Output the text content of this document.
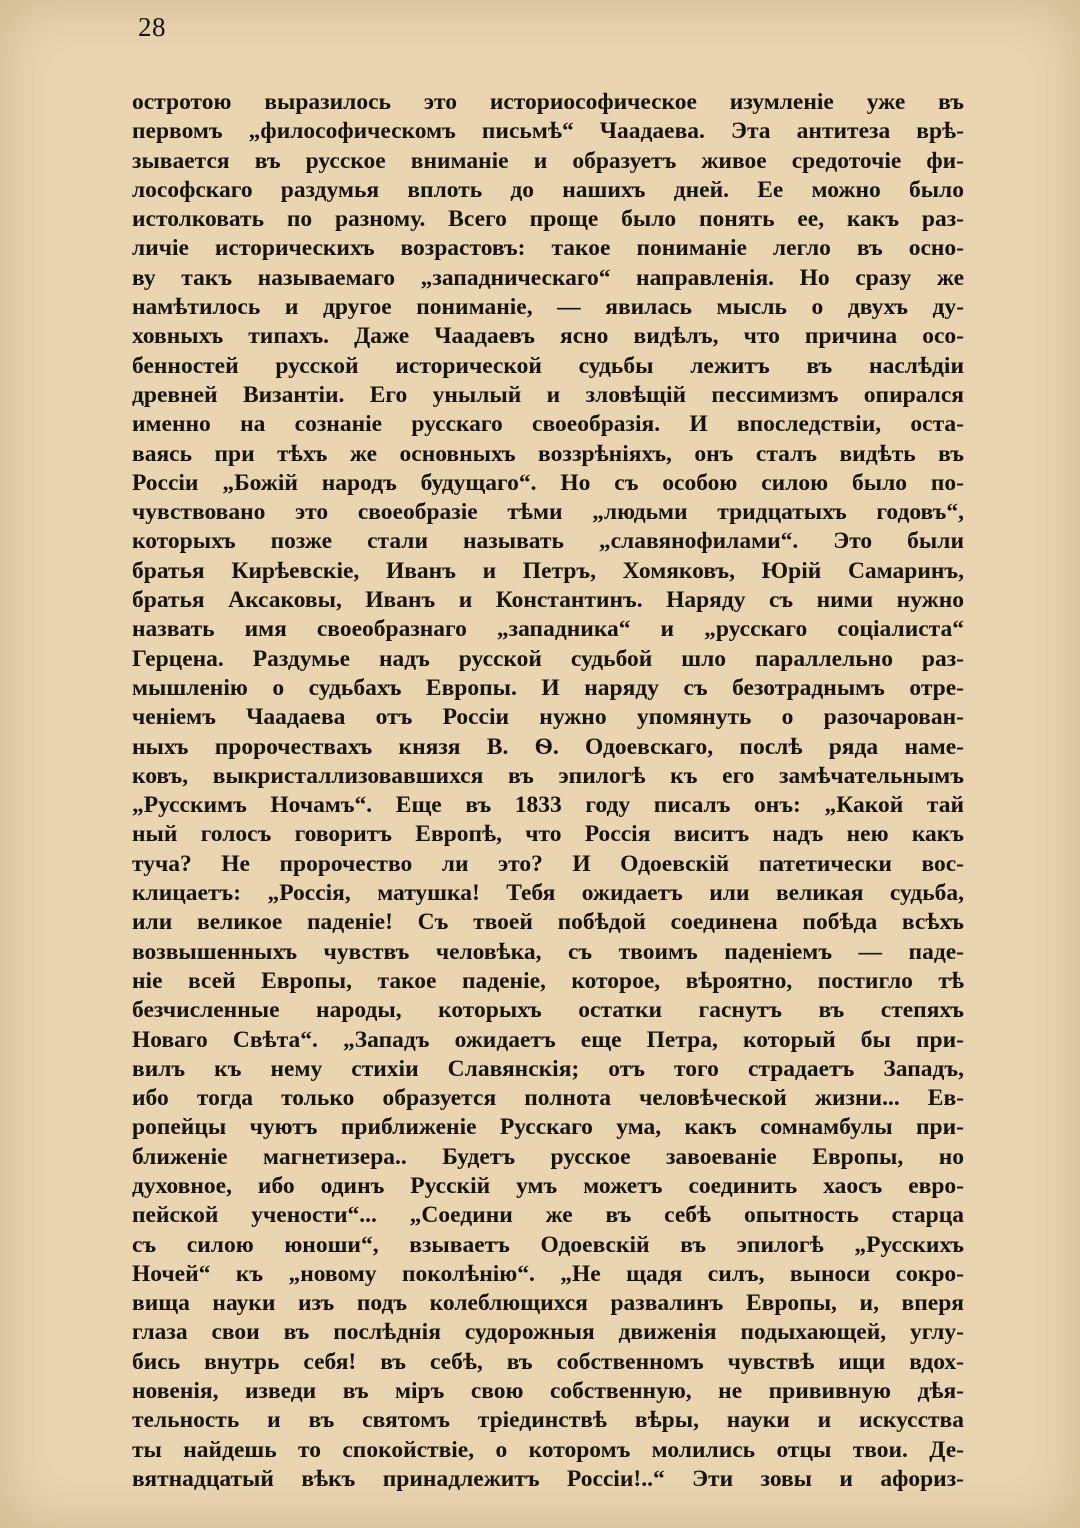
28
остротою выразилось это историософическое изумленіе уже въ
первомъ „философическомъ письмѣ“ Чаадаева. Эта антитеза врѣ-
зывается въ русское вниманіе и образуетъ живое средоточіе фи-
лософскаго раздумья вплоть до нашихъ дней. Ее можно было
истолковать по разному. Всего проще было понять ее, какъ раз-
личіе историческихъ возрастовъ: такое пониманіе легло въ осно-
ву такъ называемаго „западническаго“ направленія. Но сразу же
намѣтилось и другое пониманіе, — явилась мысль о двухъ ду-
ховныхъ типахъ. Даже Чаадаевъ ясно видѣлъ, что причина осо-
бенностей русской исторической судьбы лежитъ въ наслѣдіи
древней Византіи. Его унылый и зловѣщій пессимизмъ опирался
именно на сознаніе русскаго своеобразія. И впоследствіи, оста-
ваясь при тѣхъ же основныхъ воззрѣніяхъ, онъ сталъ видѣть въ
Россіи „Божій народъ будущаго“. Но съ особою силою было по-
чувствовано это своеобразіе тѣми „людьми тридцатыхъ годовъ“,
которыхъ позже стали называть „славянофилами“. Это были
братья Кирѣевскіе, Иванъ и Петръ, Хомяковъ, Юрій Самаринъ,
братья Аксаковы, Иванъ и Константинъ. Наряду съ ними нужно
назвать имя своеобразнаго „западника“ и „русскаго соціалиста“
Герцена. Раздумье надъ русской судьбой шло параллельно раз-
мышленію о судьбахъ Европы. И наряду съ безотраднымъ отре-
ченіемъ Чаадаева отъ Россіи нужно упомянуть о разочарован-
ныхъ пророчествахъ князя В. Ѳ. Одоевскаго, послѣ ряда наме-
ковъ, выкристаллизовавшихся въ эпилогѣ къ его замѣчательнымъ
„Русскимъ Ночамъ“. Еще въ 1833 году писалъ онъ: „Какой тай
ный голосъ говоритъ Европѣ, что Россія виситъ надъ нею какъ
туча? Не пророчество ли это? И Одоевскій патетически вос-
клицаетъ: „Россія, матушка! Тебя ожидаетъ или великая судьба,
или великое паденіе! Съ твоей побѣдой соединена побѣда всѣхъ
возвышенныхъ чувствъ человѣка, съ твоимъ паденіемъ — паде-
ніе всей Европы, такое паденіе, которое, вѣроятно, постигло тѣ
безчисленные народы, которыхъ остатки гаснутъ въ степяхъ
Новаго Свѣта“. „Западъ ожидаетъ еще Петра, который бы при-
вилъ къ нему стихіи Славянскія; отъ того страдаетъ Западъ,
ибо тогда только образуется полнота человѣческой жизни... Ев-
ропейцы чуютъ приближеніе Русскаго ума, какъ сомнамбулы при-
ближеніе магнетизера.. Будетъ русское завоеваніе Европы, но
духовное, ибо одинъ Русскій умъ можетъ соединить хаосъ евро-
пейской учености“... „Соедини же въ себѣ опытность старца
съ силою юноши“, взываетъ Одоевскій въ эпилогѣ „Русскихъ
Ночей“ къ „новому поколѣнію“. „Не щадя силъ, выноси сокро-
вища науки изъ подъ колеблющихся развалинъ Европы, и, вперя
глаза свои въ послѣднія судорожныя движенія подыхающей, углу-
бись внутрь себя! въ себѣ, въ собственномъ чувствѣ ищи вдох-
новенія, изведи въ міръ свою собственную, не прививную дѣя-
тельность и въ святомъ тріединствѣ вѣры, науки и искусства
ты найдешь то спокойствіе, о которомъ молились отцы твои. Де-
вятнадцатый вѣкъ принадлежитъ Россіи!..“ Эти зовы и афориз-
